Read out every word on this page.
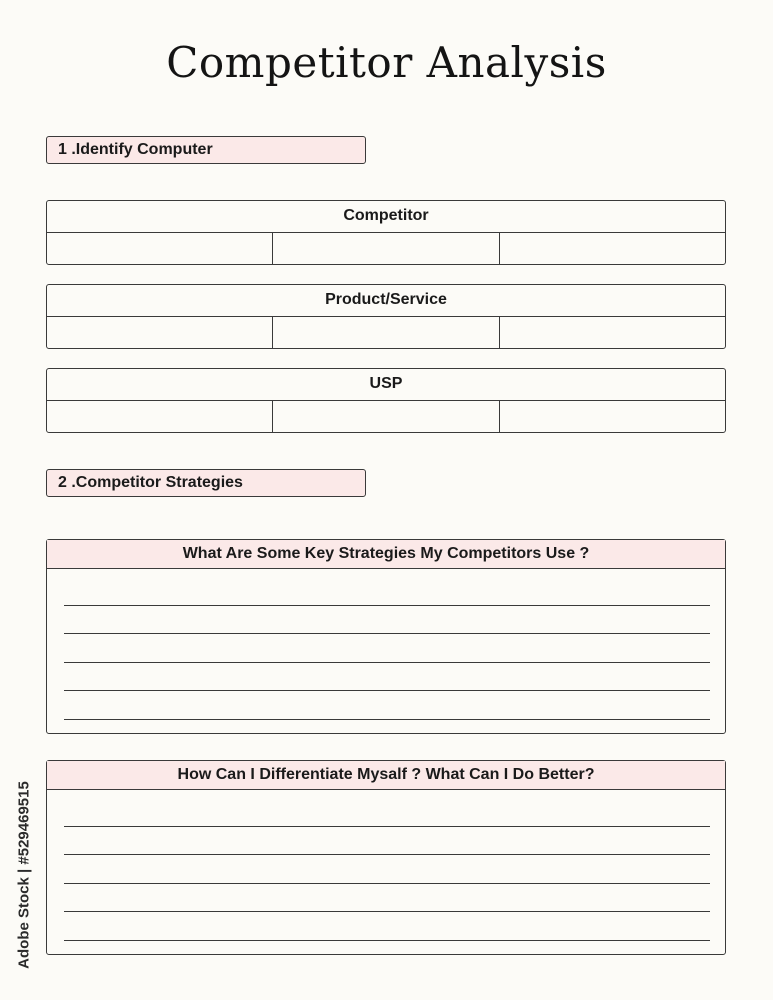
Competitor Analysis
1 .Identify Computer
Competitor
Product/Service
USP
2 .Competitor Strategies
What Are Some Key Strategies My Competitors Use ?
How Can I Differentiate Mysalf ? What Can I Do Better?
Adobe Stock | #529469515
